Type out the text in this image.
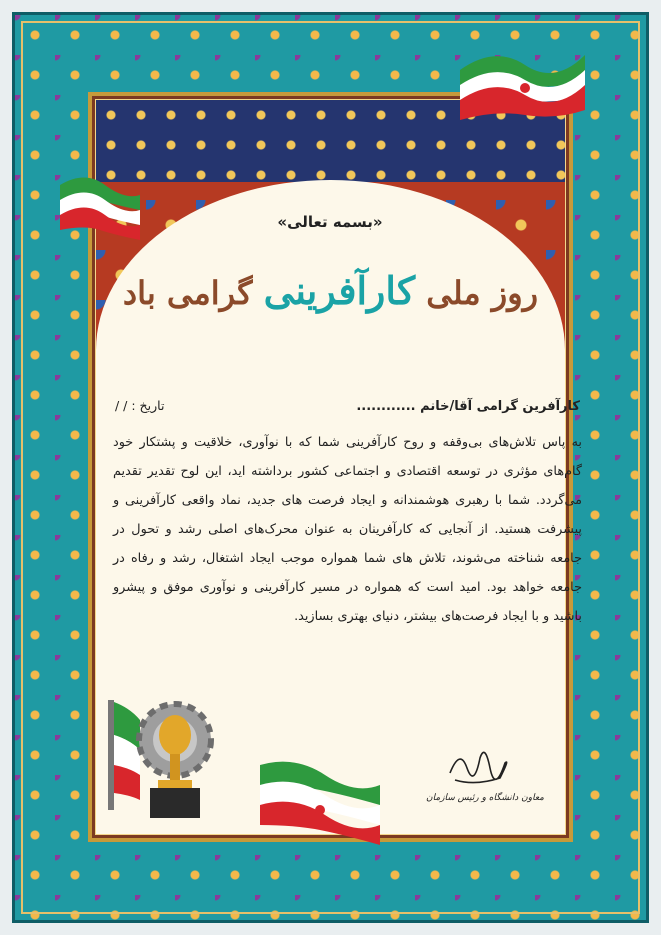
«بسمه تعالی»
روز ملی کارآفرینی گرامی باد
کارآفرین گرامی آقا/خانم ............
تاریخ : / /
به پاس تلاش‌های بی‌وقفه و روح کارآفرینی شما که با نوآوری، خلاقیت و پشتکار خود گام‌های مؤثری در توسعه اقتصادی و اجتماعی کشور برداشته اید، این لوح تقدیر تقدیم می‌گردد. شما با رهبری هوشمندانه و ایجاد فرصت های جدید، نماد واقعی کارآفرینی و پیشرفت هستید. از آنجایی که کارآفرینان به عنوان محرک‌های اصلی رشد و تحول در جامعه شناخته می‌شوند، تلاش های شما همواره موجب ایجاد اشتغال، رشد و رفاه در جامعه خواهد بود. امید است که همواره در مسیر کارآفرینی و نوآوری موفق و پیشرو باشید و با ایجاد فرصت‌های بیشتر، دنیای بهتری بسازید.
معاون دانشگاه و رئیس سازمان
